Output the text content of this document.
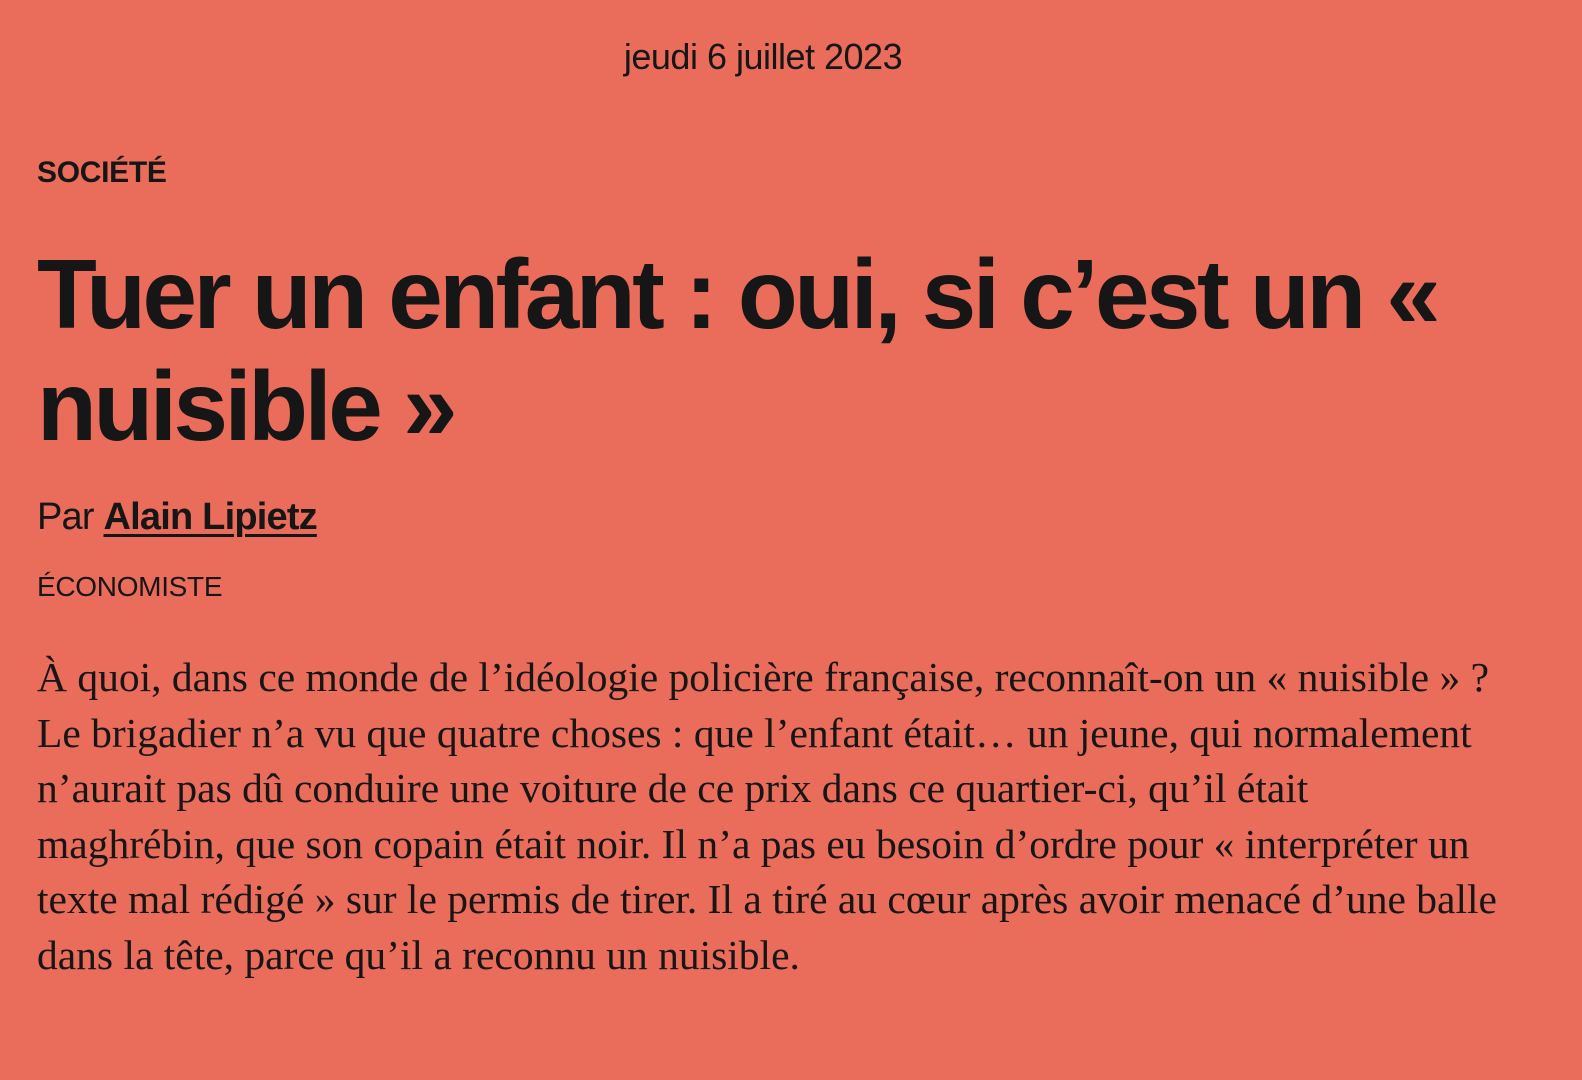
jeudi 6 juillet 2023
SOCIÉTÉ
Tuer un enfant : oui, si c’est un « nuisible »
Par Alain Lipietz
ÉCONOMISTE

À quoi, dans ce monde de l’idéologie policière française, reconnaît-on un « nuisible » ? Le brigadier n’a vu que quatre choses : que l’enfant était… un jeune, qui normalement n’aurait pas dû conduire une voiture de ce prix dans ce quartier-ci, qu’il était maghrébin, que son copain était noir. Il n’a pas eu besoin d’ordre pour « interpréter un texte mal rédigé » sur le permis de tirer. Il a tiré au cœur après avoir menacé d’une balle dans la tête, parce qu’il a reconnu un nuisible.
